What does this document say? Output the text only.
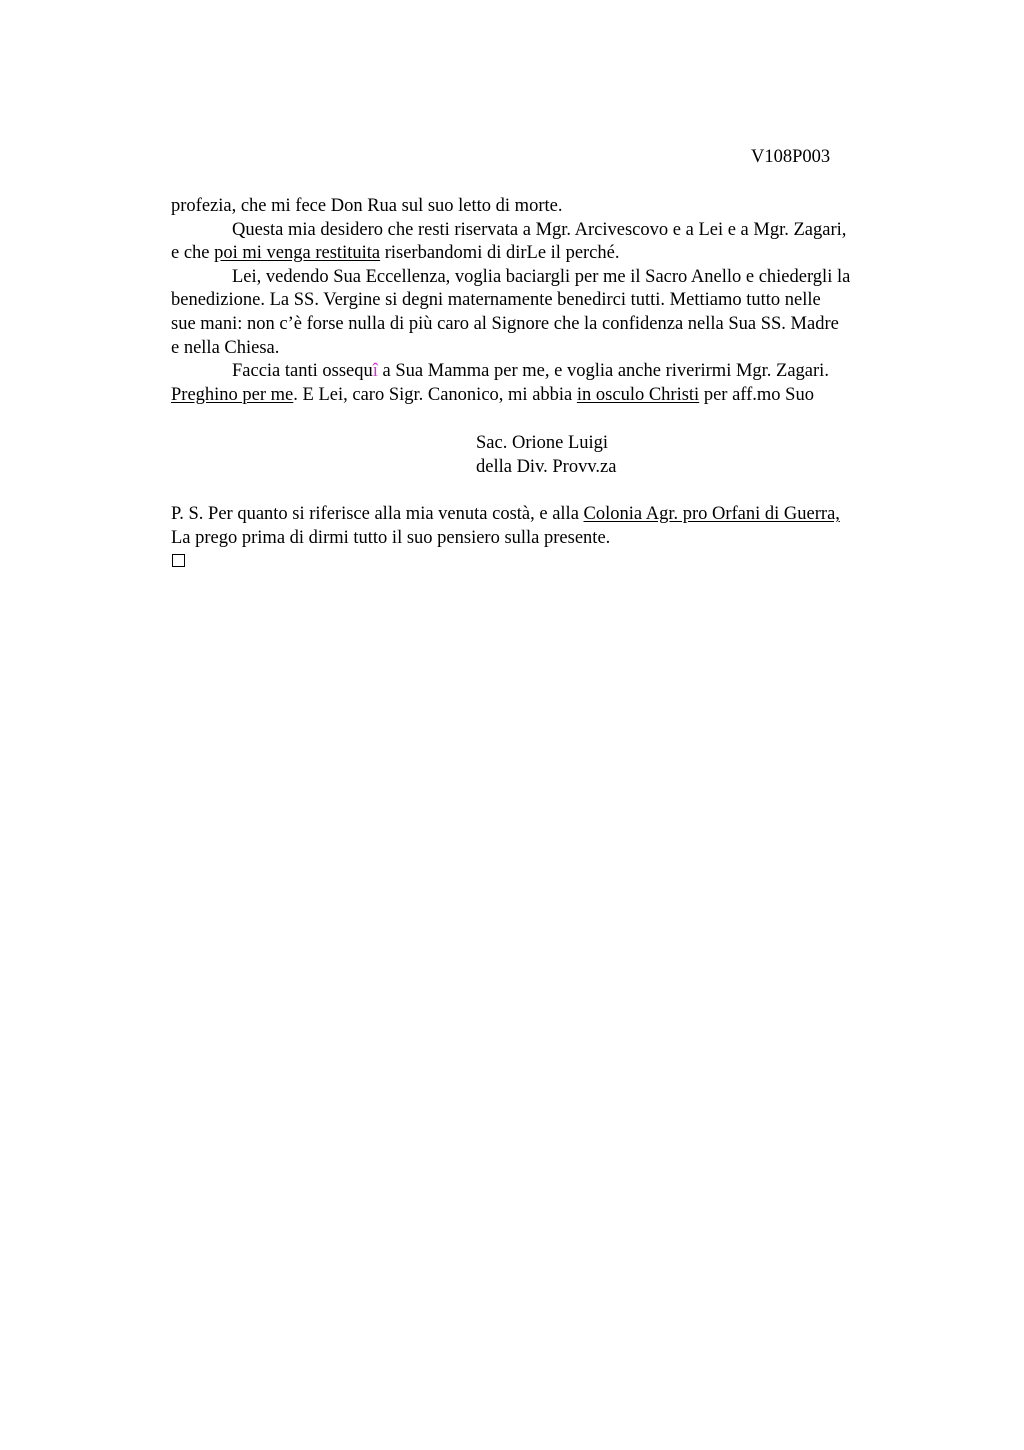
V108P003
profezia, che mi fece Don Rua sul suo letto di morte.
Questa mia desidero che resti riservata a Mgr. Arcivescovo e a Lei e a Mgr. Zagari,
e che poi mi venga restituita riserbandomi di dirLe il perché.
Lei, vedendo Sua Eccellenza, voglia baciargli per me il Sacro Anello e chiedergli la
benedizione. La SS. Vergine si degni maternamente benedirci tutti. Mettiamo tutto nelle
sue mani: non c’è forse nulla di più caro al Signore che la confidenza nella Sua SS. Madre
e nella Chiesa.
Faccia tanti ossequî a Sua Mamma per me, e voglia anche riverirmi Mgr. Zagari.
Preghino per me. E Lei, caro Sigr. Canonico, mi abbia in osculo Christi per aff.mo Suo
Sac. Orione Luigi
della Div. Provv.za
P. S. Per quanto si riferisce alla mia venuta costà, e alla Colonia Agr. pro Orfani di Guerra,
La prego prima di dirmi tutto il suo pensiero sulla presente.
